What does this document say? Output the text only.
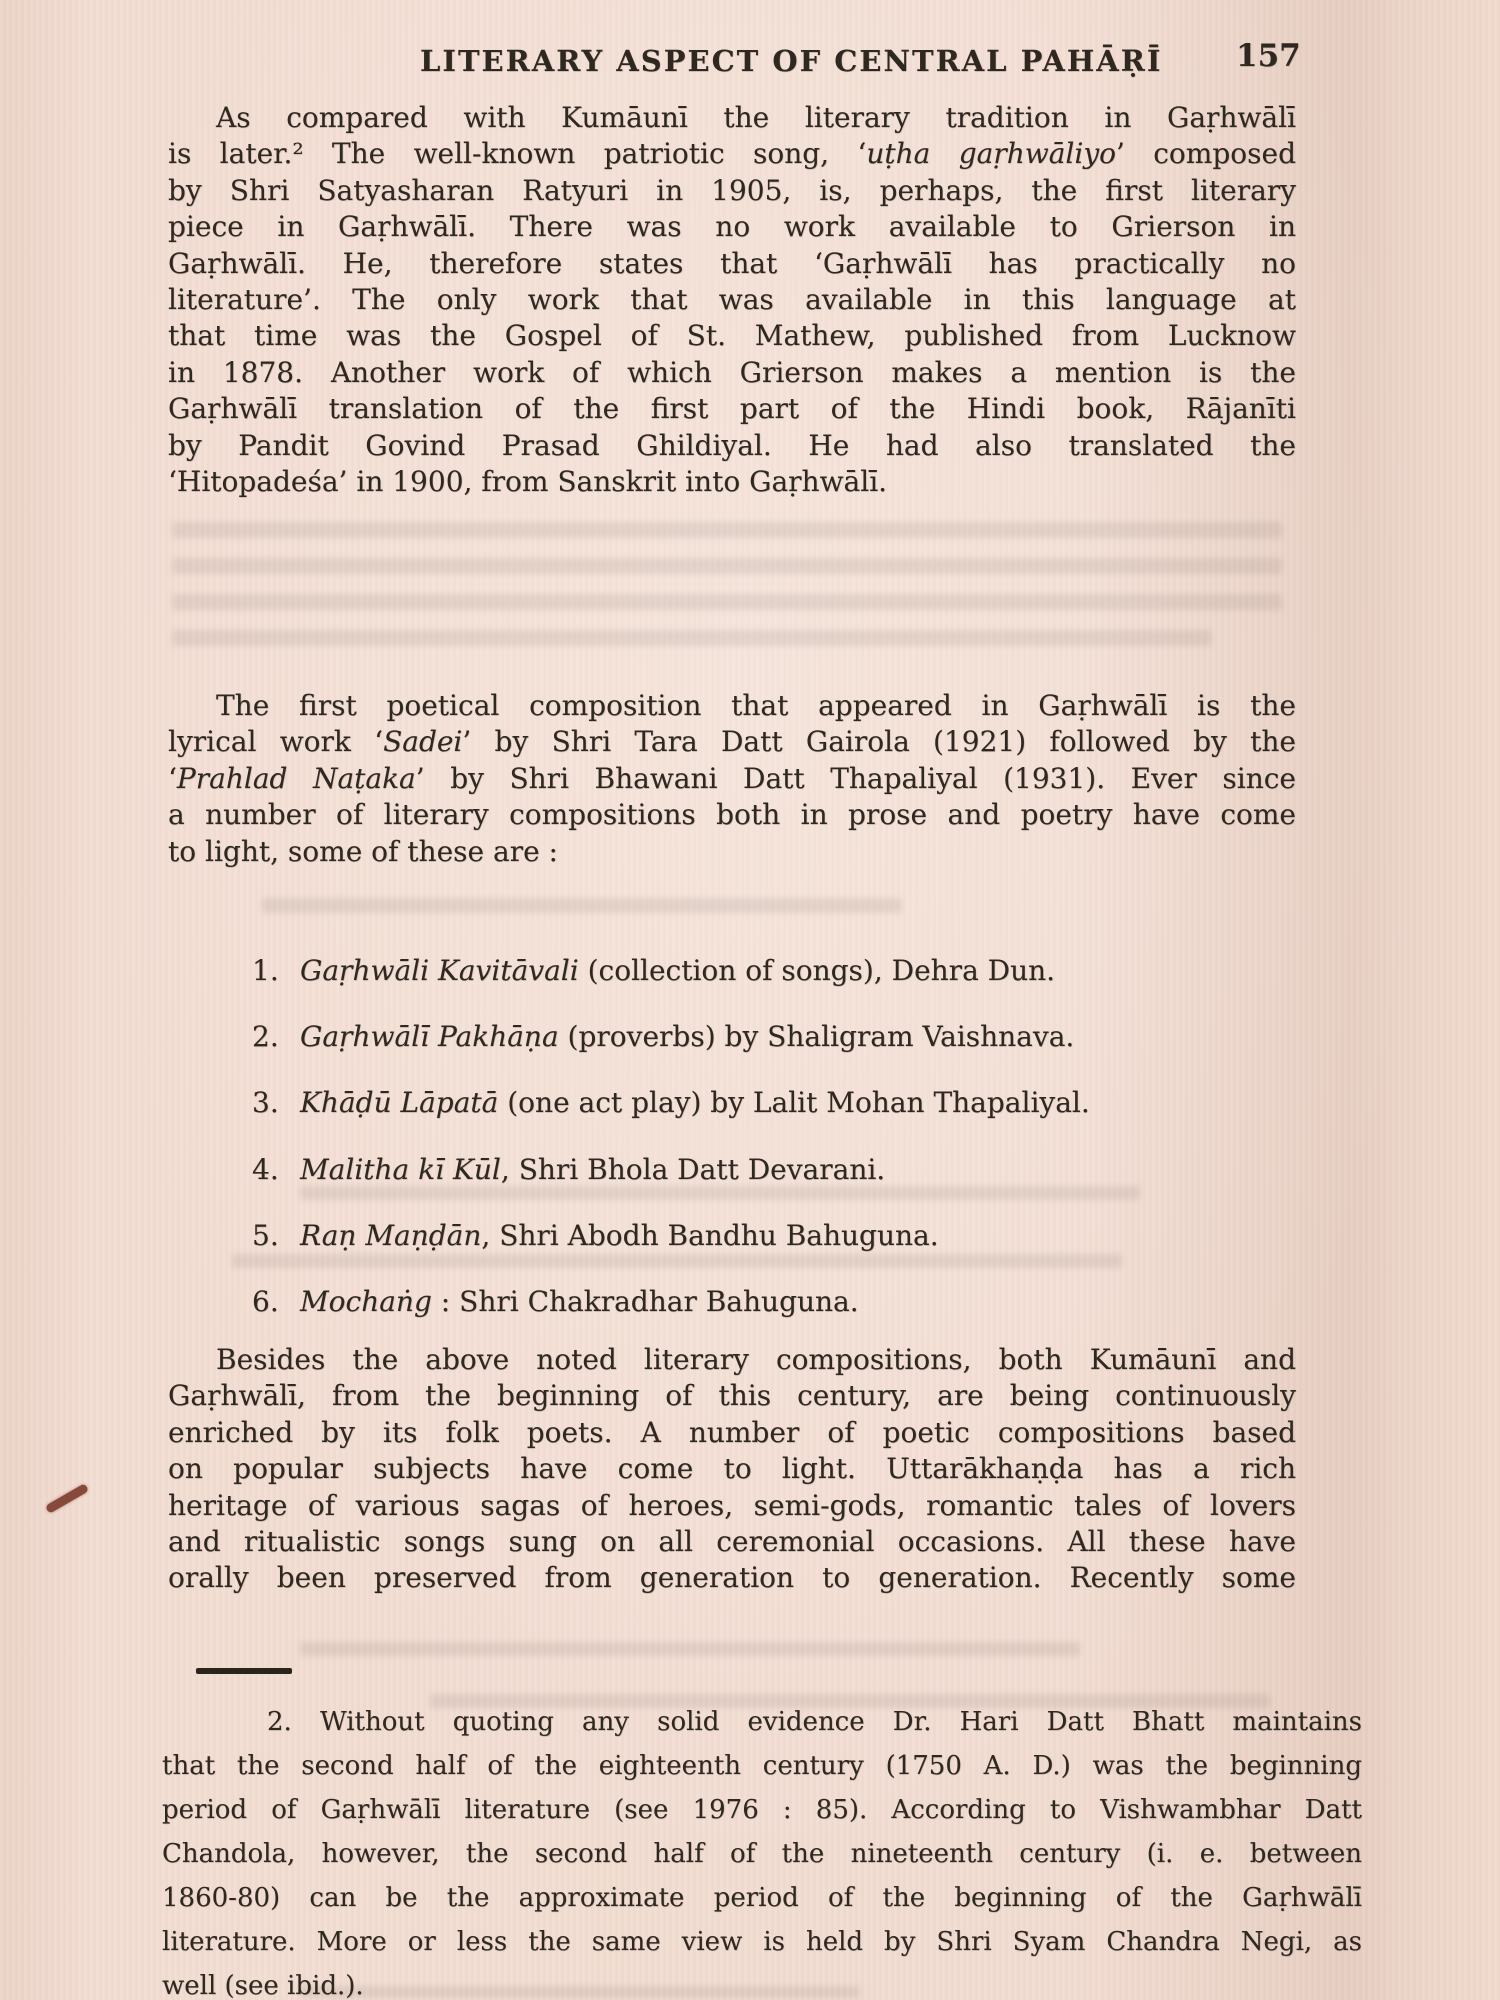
LITERARY ASPECT OF CENTRAL PAHĀṚĪ 157
As compared with Kumāunī the literary tradition in Gaṛhwālī
is later.² The well-known patriotic song, ‘uṭha gaṛhwāliyo’ composed
by Shri Satyasharan Ratyuri in 1905, is, perhaps, the first literary
piece in Gaṛhwālī. There was no work available to Grierson in
Gaṛhwālī. He, therefore states that ‘Gaṛhwālī has practically no
literature’. The only work that was available in this language at
that time was the Gospel of St. Mathew, published from Lucknow
in 1878. Another work of which Grierson makes a mention is the
Gaṛhwālī translation of the first part of the Hindi book, Rājanīti
by Pandit Govind Prasad Ghildiyal. He had also translated the
‘Hitopadeśa’ in 1900, from Sanskrit into Gaṛhwālī.
The first poetical composition that appeared in Gaṛhwālī is the
lyrical work ‘Sadei’ by Shri Tara Datt Gairola (1921) followed by the
‘Prahlad Naṭaka’ by Shri Bhawani Datt Thapaliyal (1931). Ever since
a number of literary compositions both in prose and poetry have come
to light, some of these are :
1. Gaṛhwāli Kavitāvali (collection of songs), Dehra Dun.
2. Gaṛhwālī Pakhāṇa (proverbs) by Shaligram Vaishnava.
3. Khāḍū Lāpatā (one act play) by Lalit Mohan Thapaliyal.
4. Malitha kī Kūl, Shri Bhola Datt Devarani.
5. Raṇ Maṇḍān, Shri Abodh Bandhu Bahuguna.
6. Mochaṅg : Shri Chakradhar Bahuguna.
Besides the above noted literary compositions, both Kumāunī and
Gaṛhwālī, from the beginning of this century, are being continuously
enriched by its folk poets. A number of poetic compositions based
on popular subjects have come to light. Uttarākhaṇḍa has a rich
heritage of various sagas of heroes, semi-gods, romantic tales of lovers
and ritualistic songs sung on all ceremonial occasions. All these have
orally been preserved from generation to generation. Recently some
2. Without quoting any solid evidence Dr. Hari Datt Bhatt maintains
that the second half of the eighteenth century (1750 A. D.) was the beginning
period of Gaṛhwālī literature (see 1976 : 85). According to Vishwambhar Datt
Chandola, however, the second half of the nineteenth century (i. e. between
1860-80) can be the approximate period of the beginning of the Gaṛhwālī
literature. More or less the same view is held by Shri Syam Chandra Negi, as
well (see ibid.).
